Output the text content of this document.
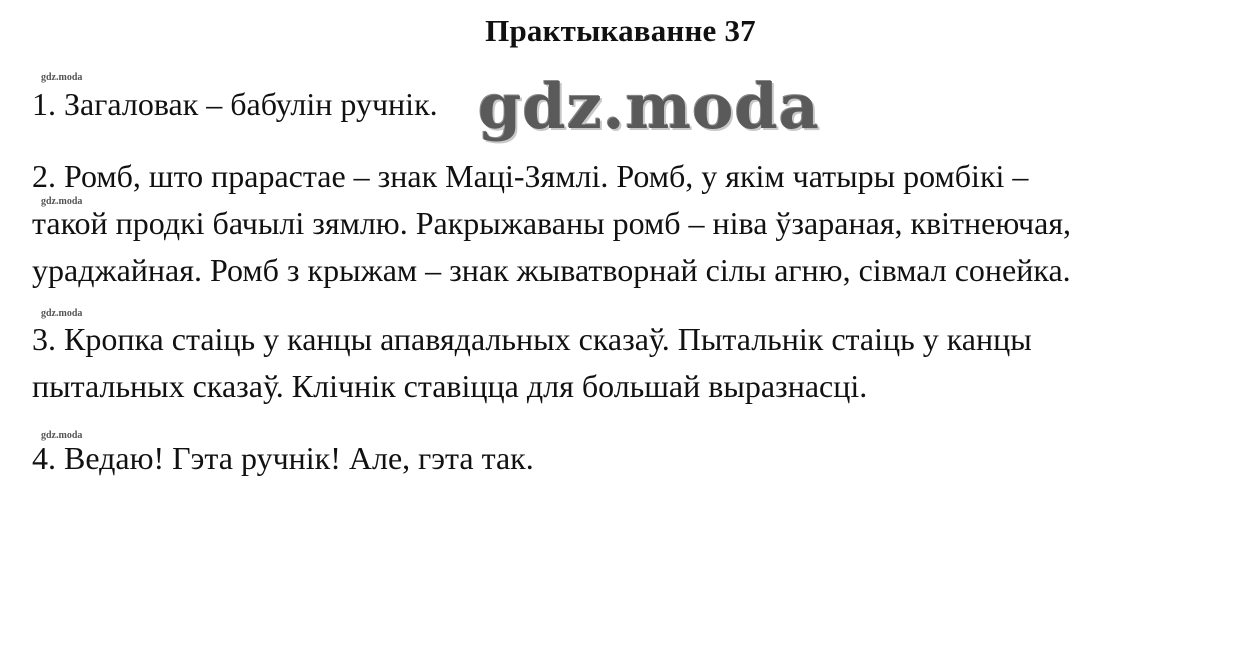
Практыкаванне 37
gdz.moda
gdz.moda
gdz.moda
gdz.moda
1. Загаловак – бабулін ручнік.
2. Ромб, што прарастае – знак Маці-Зямлі. Ромб, у якім чатыры ромбікі –
такой продкі бачылі зямлю. Ракрыжаваны ромб – ніва ўзараная, квітнеючая,
ураджайная. Ромб з крыжам – знак жыватворнай сілы агню, сівмал сонейка.
3. Кропка стаіць у канцы апавядальных сказаў. Пытальнік стаіць у канцы
пытальных сказаў. Клічнік ставіцца для большай выразнасці.
4. Ведаю! Гэта ручнік! Але, гэта так.
gdz.moda
